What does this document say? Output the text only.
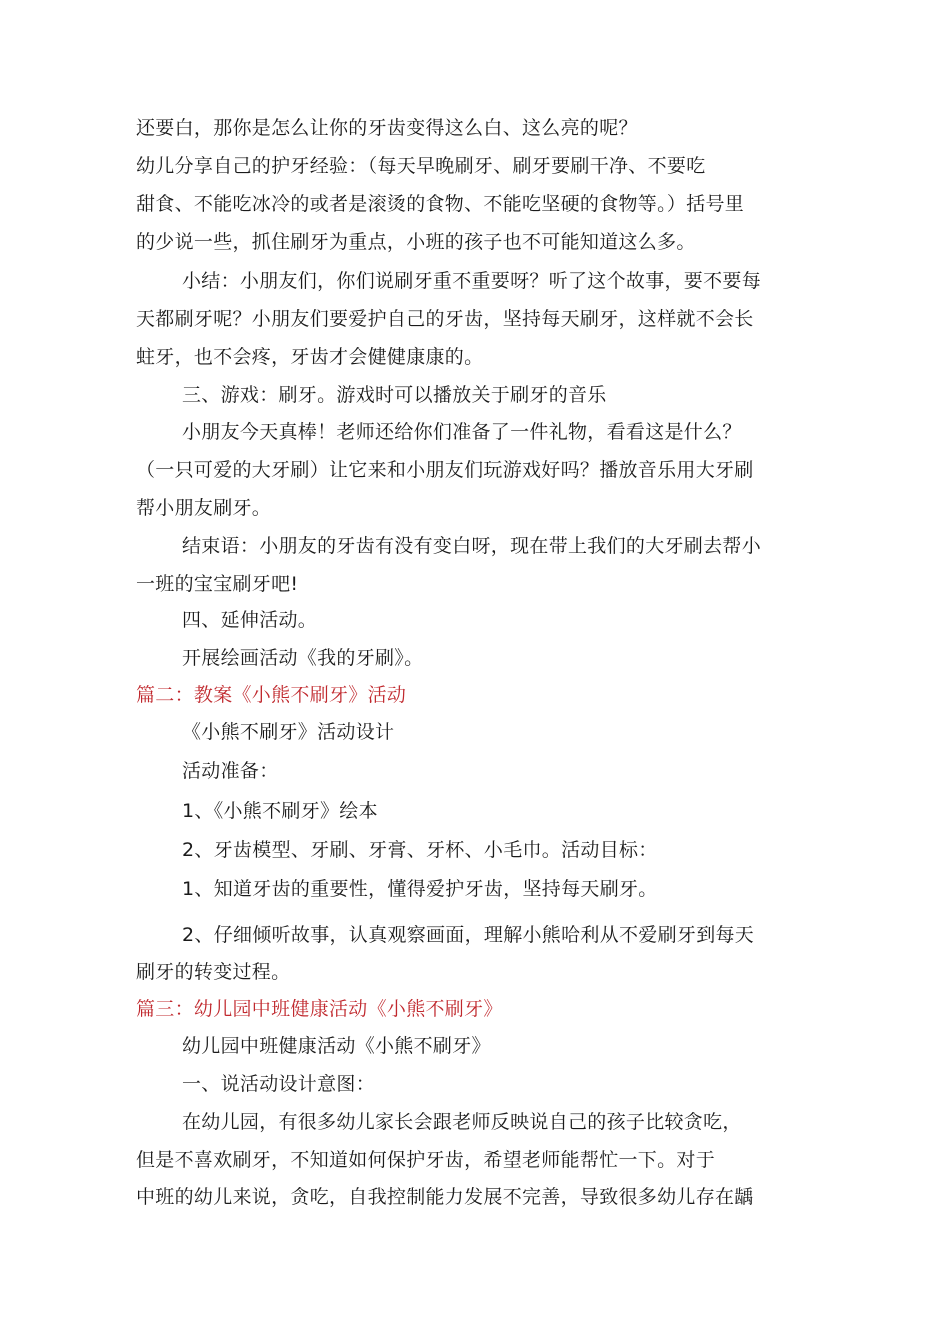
还要白，那你是怎么让你的牙齿变得这么白、这么亮的呢？
幼儿分享自己的护牙经验：（每天早晚刷牙、刷牙要刷干净、不要吃
甜食、不能吃冰冷的或者是滚烫的食物、不能吃坚硬的食物等。）括号里
的少说一些，抓住刷牙为重点，小班的孩子也不可能知道这么多。
小结：小朋友们，你们说刷牙重不重要呀？听了这个故事，要不要每
天都刷牙呢？小朋友们要爱护自己的牙齿，坚持每天刷牙，这样就不会长
蛀牙，也不会疼，牙齿才会健健康康的。
三、游戏：刷牙。游戏时可以播放关于刷牙的音乐
小朋友今天真棒！老师还给你们准备了一件礼物，看看这是什么？
（一只可爱的大牙刷）让它来和小朋友们玩游戏好吗？播放音乐用大牙刷
帮小朋友刷牙。
结束语：小朋友的牙齿有没有变白呀，现在带上我们的大牙刷去帮小
一班的宝宝刷牙吧!
四、延伸活动。
开展绘画活动《我的牙刷》。
篇二：教案《小熊不刷牙》活动
《小熊不刷牙》活动设计
活动准备：
1、《小熊不刷牙》绘本
2、牙齿模型、牙刷、牙膏、牙杯、小毛巾。活动目标：
1、知道牙齿的重要性，懂得爱护牙齿，坚持每天刷牙。
2、仔细倾听故事，认真观察画面，理解小熊哈利从不爱刷牙到每天
刷牙的转变过程。
篇三：幼儿园中班健康活动《小熊不刷牙》
幼儿园中班健康活动《小熊不刷牙》
一、说活动设计意图：
在幼儿园，有很多幼儿家长会跟老师反映说自己的孩子比较贪吃，
但是不喜欢刷牙，不知道如何保护牙齿，希望老师能帮忙一下。对于
中班的幼儿来说，贪吃，自我控制能力发展不完善，导致很多幼儿存在龋
